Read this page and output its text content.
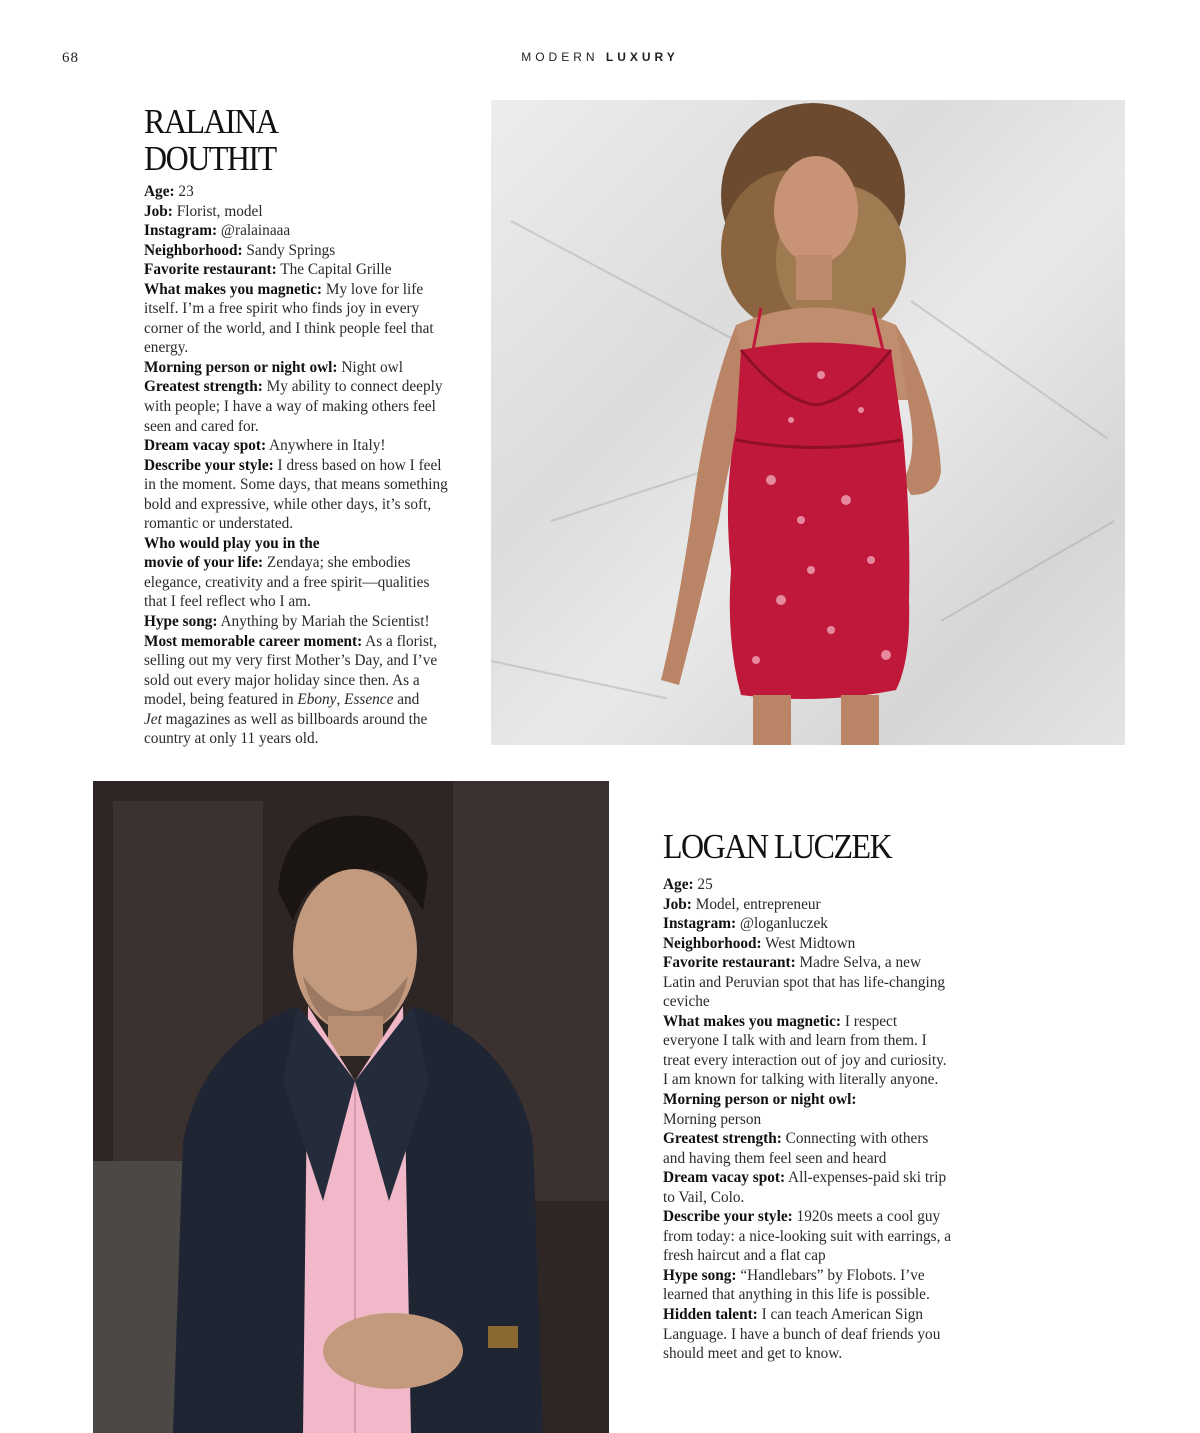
68	MODERN LUXURY
RALAINA
DOUTHIT
Age: 23
Job: Florist, model
Instagram: @ralainaaa
Neighborhood: Sandy Springs
Favorite restaurant: The Capital Grille
What makes you magnetic: My love for life itself. I’m a free spirit who finds joy in every corner of the world, and I think people feel that energy.
Morning person or night owl: Night owl
Greatest strength: My ability to connect deeply with people; I have a way of making others feel seen and cared for.
Dream vacay spot: Anywhere in Italy!
Describe your style: I dress based on how I feel in the moment. Some days, that means something bold and expressive, while other days, it’s soft, romantic or understated.
Who would play you in the
movie of your life: Zendaya; she embodies elegance, creativity and a free spirit—qualities that I feel reflect who I am.
Hype song: Anything by Mariah the Scientist!
Most memorable career moment: As a florist, selling out my very first Mother’s Day, and I’ve sold out every major holiday since then. As a model, being featured in Ebony, Essence and
Jet magazines as well as billboards around the country at only 11 years old.
LOGAN LUCZEK
Age: 25
Job: Model, entrepreneur
Instagram: @loganluczek
Neighborhood: West Midtown
Favorite restaurant: Madre Selva, a new Latin and Peruvian spot that has life-changing ceviche
What makes you magnetic: I respect everyone I talk with and learn from them. I treat every interaction out of joy and curiosity. I am known for talking with literally anyone.
Morning person or night owl:
Morning person
Greatest strength: Connecting with others and having them feel seen and heard
Dream vacay spot: All-expenses-paid ski trip to Vail, Colo.
Describe your style: 1920s meets a cool guy from today: a nice-looking suit with earrings, a fresh haircut and a flat cap
Hype song: “Handlebars” by Flobots. I’ve learned that anything in this life is possible.
Hidden talent: I can teach American Sign Language. I have a bunch of deaf friends you should meet and get to know.
